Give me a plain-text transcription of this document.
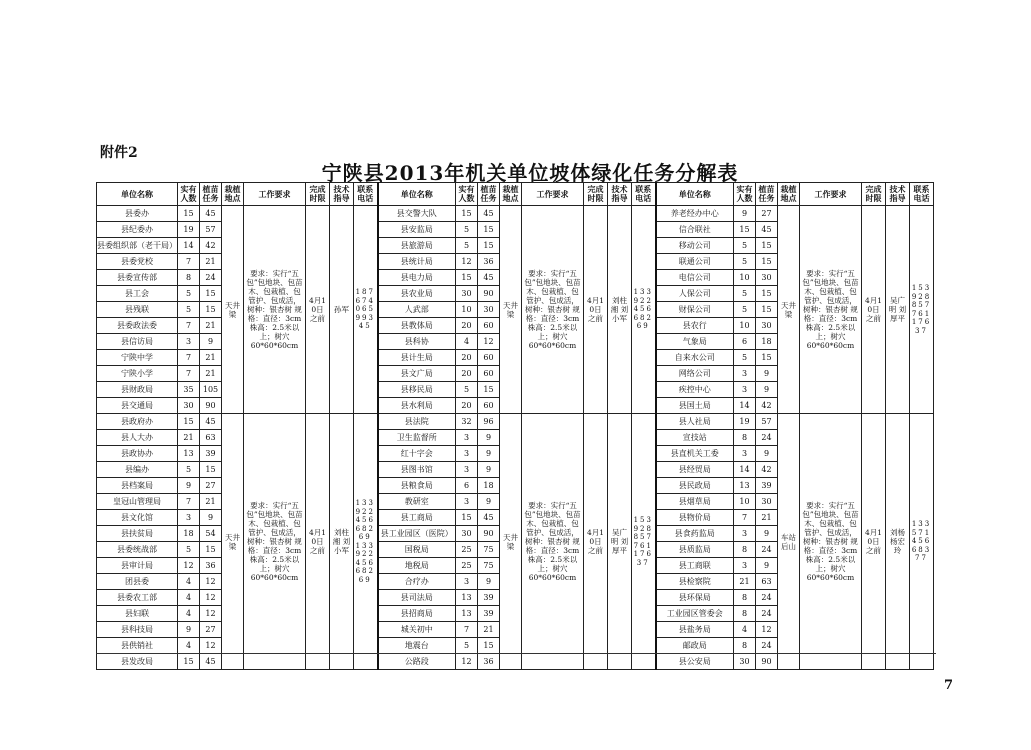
附件2
宁陕县2013年机关单位坡体绿化任务分解表
单位名称	实有人数	植苗任务	栽植地点	工作要求	完成时限	技术指导	联系电话	单位名称	实有人数	植苗任务	栽植地点	工作要求	完成时限	技术指导	联系电话	单位名称	实有人数	植苗任务	栽植地点	工作要求	完成时限	技术指导	联系电话
县委办	15	45	天井梁	要求：实行“五包”包地块、包苗木、包栽植、包管护、包成活，树种：银杏树 规格：直径：3cm 株高：2.5米以上；树穴60*60*60cm	4月10日之前	孙军	18767406599345	县交警大队	15	45	天井梁	要求：实行“五包”包地块、包苗木、包栽植、包管护、包成活，树种：银杏树 规格：直径：3cm 株高：2.5米以上；树穴60*60*60cm	4月10日之前	刘柱湘 刘小军	13392245668269	养老经办中心	9	27	天井梁	要求：实行“五包”包地块、包苗木、包栽植、包管护、包成活，树种：银杏树 规格：直径：3cm 株高：2.5米以上；树穴60*60*60cm	4月10日之前	吴广明 刘厚平	15392885776117637
县纪委办	19	57						县安监局	5	15						信合联社	15	45					
县委组织部（老干局）	14	42						县旅游局	5	15						移动公司	5	15					
县委党校	7	21						县统计局	12	36						联通公司	5	15					
县委宣传部	8	24						县电力局	15	45						电信公司	10	30					
县工会	5	15						县农业局	30	90						人保公司	5	15					
县残联	5	15						人武部	10	30						财保公司	5	15					
县委政法委	7	21						县教体局	20	60						县农行	10	30					
县信访局	3	9						县科协	4	12						气象局	6	18					
宁陕中学	7	21						县计生局	20	60						自来水公司	5	15					
宁陕小学	7	21						县文广局	20	60						网络公司	3	9					
县财政局	35	105						县移民局	5	15						疾控中心	3	9					
县交通局	30	90						县水利局	20	60						县国土局	14	42					
县政府办	15	45	天井梁	要求：实行“五包”包地块、包苗木、包栽植、包管护、包成活，树种：银杏树 规格：直径：3cm 株高：2.5米以上；树穴60*60*60cm	4月10日之前	刘柱湘 刘小军	13392245668269 13392245668269	县法院	32	96	天井梁	要求：实行“五包”包地块、包苗木、包栽植、包管护、包成活，树种：银杏树 规格：直径：3cm 株高：2.5米以上；树穴60*60*60cm	4月10日之前	吴广明 刘厚平	15392885776117637	县人社局	19	57	车站后山	要求：实行“五包”包地块、包苗木、包栽植、包管护、包成活，树种：银杏树 规格：直径：3cm 株高：2.5米以上；树穴60*60*60cm	4月10日之前	刘杨 杨宏玲	13357145668377
县人大办	21	63						卫生监督所	3	9						宣技站	8	24					
县政协办	13	39						红十字会	3	9						县直机关工委	3	9					
县编办	5	15						县图书馆	3	9						县经贸局	14	42					
县档案局	9	27						县粮食局	6	18						县民政局	13	39					
皇冠山管理局	7	21						教研室	3	9						县烟草局	10	30					
县文化馆	3	9						县工商局	15	45						县物价局	7	21					
县扶贫局	18	54						县工业园区（医院）	30	90						县食药监局	3	9					
县委统战部	5	15						国税局	25	75						县质监局	8	24					
县审计局	12	36						地税局	25	75						县工商联	3	9					
团县委	4	12						合疗办	3	9						县检察院	21	63					
县委农工部	4	12						县司法局	13	39						县环保局	8	24					
县妇联	4	12						县招商局	13	39						工业园区管委会	8	24					
县科技局	9	27						城关初中	7	21						县盐务局	4	12					
县供销社	4	12						地震台	5	15						邮政局	8	24					
县发改局	15	45						公路段	12	36						县公安局	30	90					
7
